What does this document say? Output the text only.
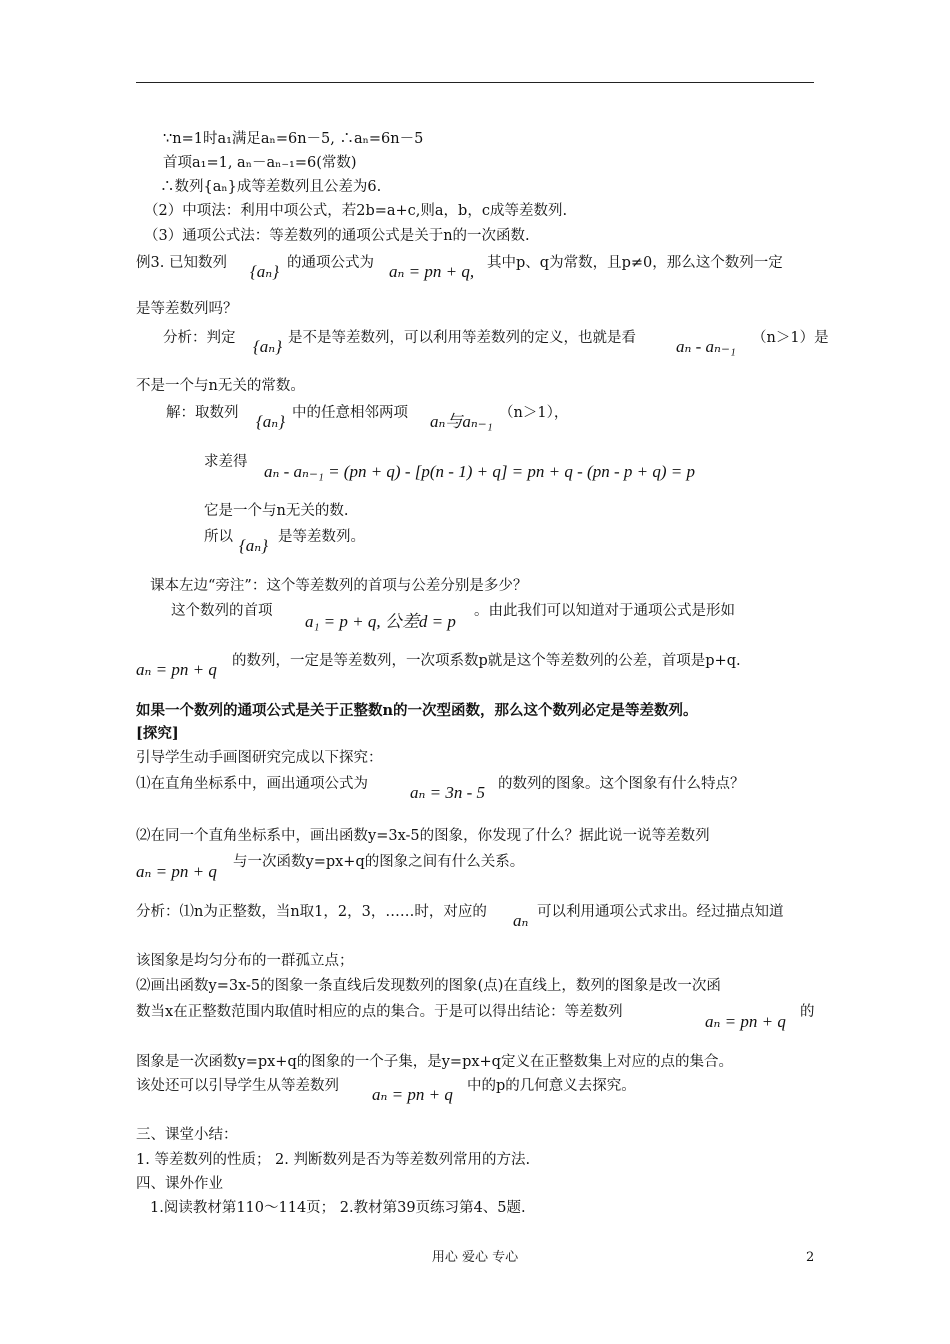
∵n=1时a₁满足aₙ=6n－5, ∴aₙ=6n－5
首项a₁=1, aₙ－aₙ₋₁=6(常数)
∴数列{aₙ}成等差数列且公差为6.
（2）中项法：利用中项公式，若2b=a+c,则a，b，c成等差数列.
（3）通项公式法：等差数列的通项公式是关于n的一次函数.
例3. 已知数列 {aₙ} 的通项公式为 aₙ = pn + q, 其中p、q为常数，且p≠0，那么这个数列一定
是等差数列吗？
分析：判定 {aₙ} 是不是等差数列，可以利用等差数列的定义，也就是看 aₙ - aₙ₋₁ （n＞1）是
不是一个与n无关的常数。
解：取数列 {aₙ} 中的任意相邻两项 aₙ与aₙ₋₁ （n＞1），
求差得 aₙ - aₙ₋₁ = (pn + q) - [p(n - 1) + q] = pn + q - (pn - p + q) = p
它是一个与n无关的数.
所以 {aₙ} 是等差数列。
课本左边“旁注”：这个等差数列的首项与公差分别是多少？
这个数列的首项
a₁ = p + q, 公差d = p
。由此我们可以知道对于通项公式是形如
aₙ = pn + q 的数列，一定是等差数列，一次项系数p就是这个等差数列的公差，首项是p+q.
如果一个数列的通项公式是关于正整数n的一次型函数，那么这个数列必定是等差数列。
[探究]
引导学生动手画图研究完成以下探究：
⑴在直角坐标系中，画出通项公式为 aₙ = 3n - 5 的数列的图象。这个图象有什么特点？
⑵在同一个直角坐标系中，画出函数y=3x-5的图象，你发现了什么？据此说一说等差数列
aₙ = pn + q 与一次函数y=px+q的图象之间有什么关系。
分析：⑴n为正整数，当n取1，2，3，……时，对应的 aₙ 可以利用通项公式求出。经过描点知道
该图象是均匀分布的一群孤立点；
⑵画出函数y=3x-5的图象一条直线后发现数列的图象(点)在直线上，数列的图象是改一次函
数当x在正整数范围内取值时相应的点的集合。于是可以得出结论：等差数列	aₙ = pn + q 的
图象是一次函数y=px+q的图象的一个子集，是y=px+q定义在正整数集上对应的点的集合。
该处还可以引导学生从等差数列 aₙ = pn + q 中的p的几何意义去探究。
三、课堂小结：
1. 等差数列的性质； 2. 判断数列是否为等差数列常用的方法.
四、课外作业
1.阅读教材第110～114页； 2.教材第39页练习第4、5题.
用心 爱心 专心	2
